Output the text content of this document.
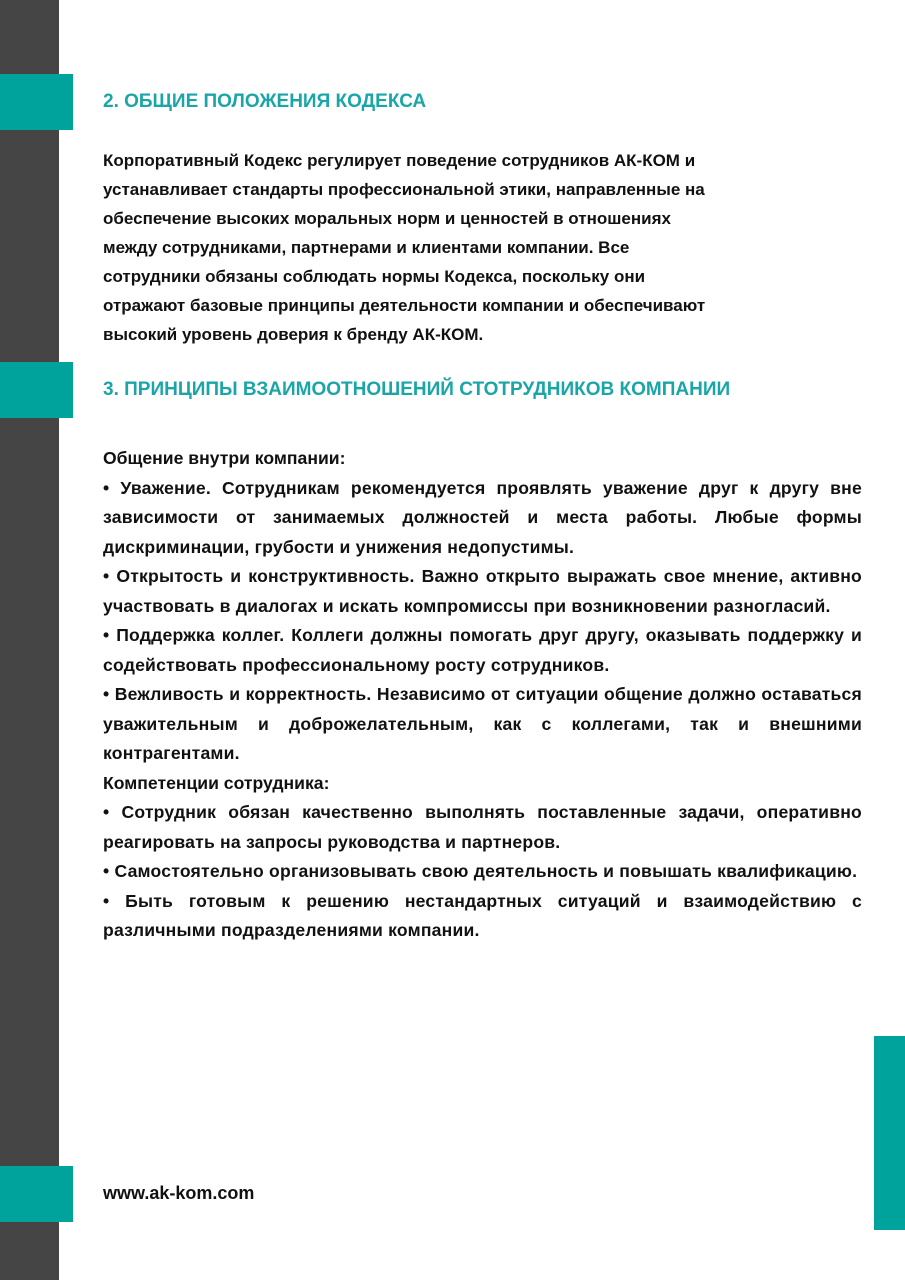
2. ОБЩИЕ ПОЛОЖЕНИЯ КОДЕКСА
Корпоративный Кодекс регулирует поведение сотрудников АК-КОМ и
устанавливает стандарты профессиональной этики, направленные на
обеспечение высоких моральных норм и ценностей в отношениях
между сотрудниками, партнерами и клиентами компании. Все
сотрудники обязаны соблюдать нормы Кодекса, поскольку они
отражают базовые принципы деятельности компании и обеспечивают
высокий уровень доверия к бренду АК-КОМ.
3. ПРИНЦИПЫ ВЗАИМООТНОШЕНИЙ СТОТРУДНИКОВ КОМПАНИИ

Общение внутри компании:

• Уважение. Сотрудникам рекомендуется проявлять уважение друг к другу вне зависимости от занимаемых должностей и места работы. Любые формы дискриминации, грубости и унижения недопустимы.

• Открытость и конструктивность. Важно открыто выражать свое мнение, активно участвовать в диалогах и искать компромиссы при возникновении разногласий.

• Поддержка коллег. Коллеги должны помогать друг другу, оказывать поддержку и содействовать профессиональному росту сотрудников.

• Вежливость и корректность. Независимо от ситуации общение должно оставаться уважительным и доброжелательным, как с коллегами, так и внешними контрагентами.

Компетенции сотрудника:

• Сотрудник обязан качественно выполнять поставленные задачи, оперативно реагировать на запросы руководства и партнеров.

• Самостоятельно организовывать свою деятельность и повышать квалификацию.

• Быть готовым к решению нестандартных ситуаций и взаимодействию с различными подразделениями компании.

www.ak-kom.com
